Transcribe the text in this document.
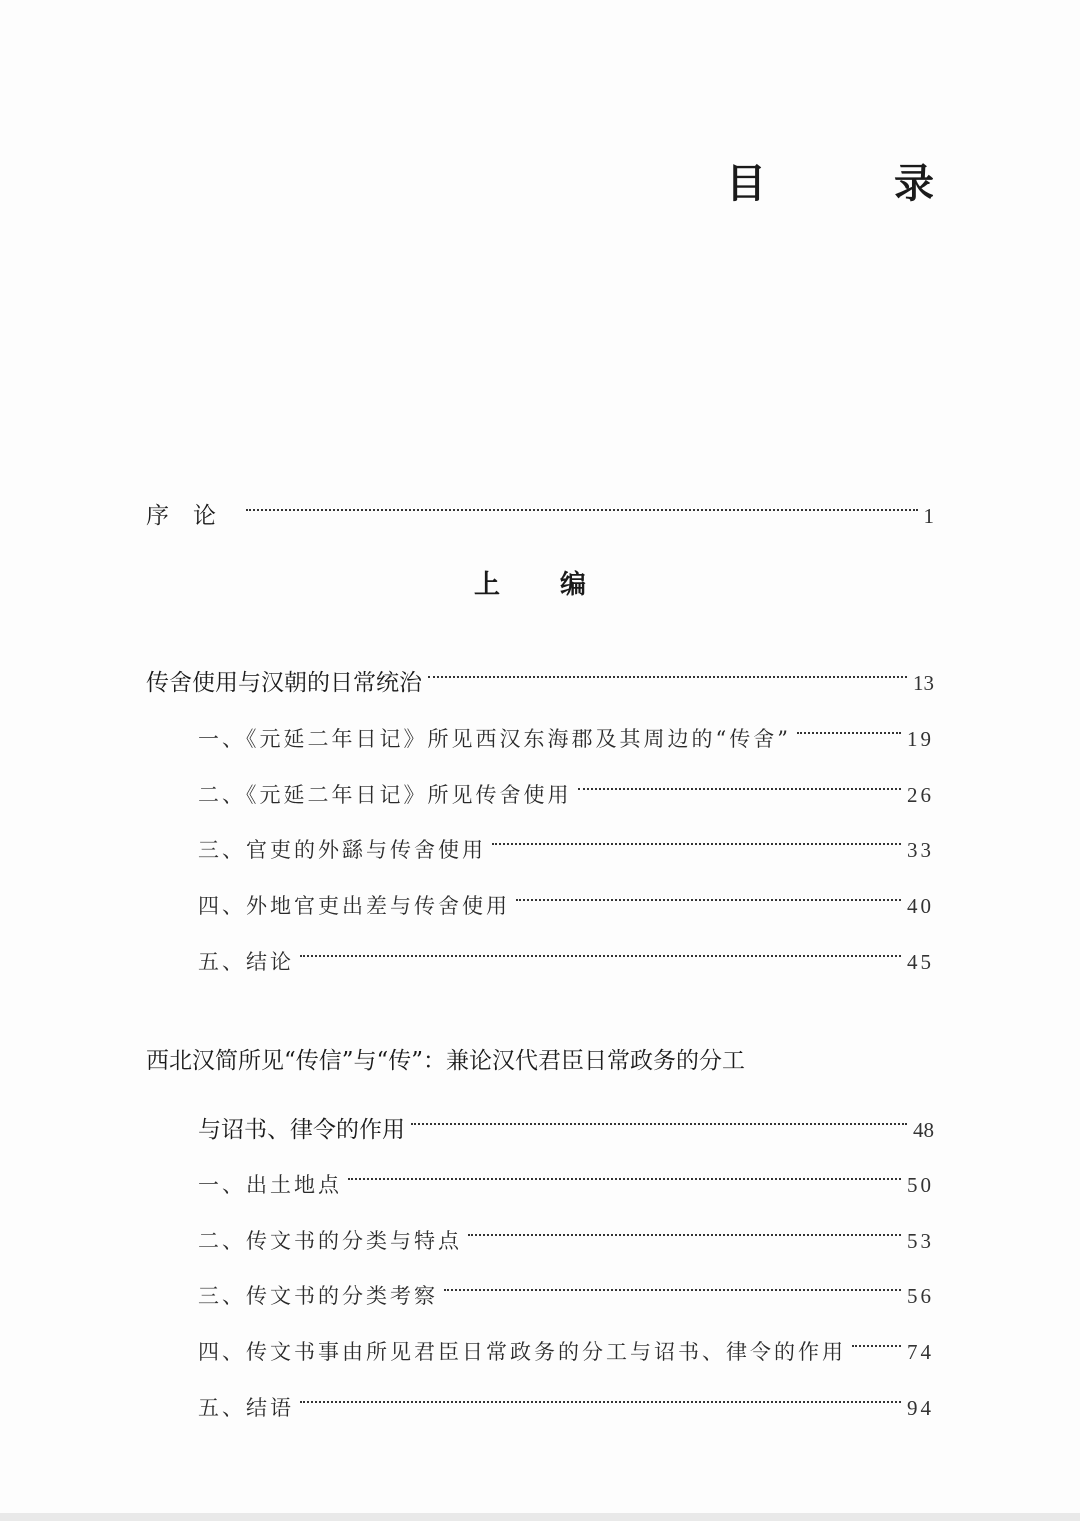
目　录
序论	1
上编
传舍使用与汉朝的日常统治	13
一、《元延二年日记》所见西汉东海郡及其周边的“传舍”	19
二、《元延二年日记》所见传舍使用	26
三、官吏的外繇与传舍使用	33
四、外地官吏出差与传舍使用	40
五、结论	45
西北汉简所见“传信”与“传”：兼论汉代君臣日常政务的分工
与诏书、律令的作用	48
一、出土地点	50
二、传文书的分类与特点	53
三、传文书的分类考察	56
四、传文书事由所见君臣日常政务的分工与诏书、律令的作用	74
五、结语	94
